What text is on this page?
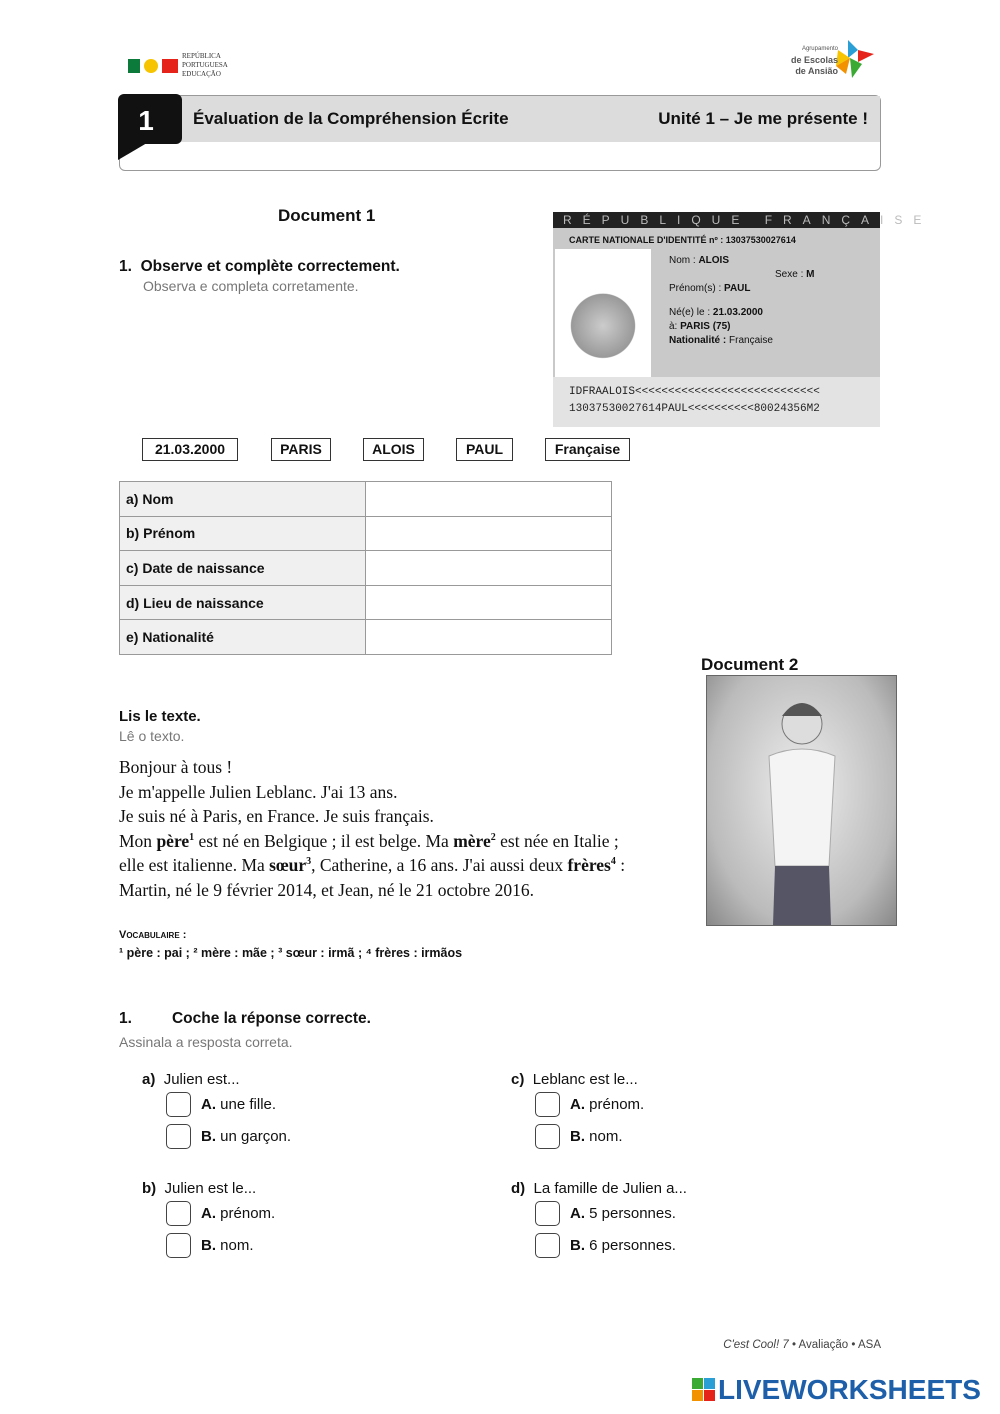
REPÚBLICA
PORTUGUESA
EDUCAÇÃO
Agrupamento
de Escolas
de Ansião
Évaluation de la Compréhension Écrite	Unité 1 – Je me présente !
1
Document 1
1. Observe et complète correctement.
Observa e completa corretamente.
RÉPUBLIQUE FRANÇAISE
CARTE NATIONALE D'IDENTITÉ nº : 13037530027614
Nom : ALOIS
Sexe : M
Prénom(s) : PAUL
Né(e) le : 21.03.2000
à: PARIS (75)
Nationalité : Française
IDFRAALOIS<<<<<<<<<<<<<<<<<<<<<<<<<<<<
13037530027614PAUL<<<<<<<<<<80024356M2
21.03.2000	PARIS	ALOIS	PAUL	Française
a) Nom	
b) Prénom	
c) Date de naissance	
d) Lieu de naissance	
e) Nationalité	
Document 2
Lis le texte.
Lê o texto.
Bonjour à tous !
Je m'appelle Julien Leblanc. J'ai 13 ans.
Je suis né à Paris, en France. Je suis français.
Mon père$^1$ est né en Belgique ; il est belge. Ma mère$^2$ est née en Italie ;
elle est italienne. Ma sœur$^3$, Catherine, a 16 ans. J'ai aussi deux frères$^4$ :
Martin, né le 9 février 2014, et Jean, né le 21 octobre 2016.
Vocabulaire :
¹ père : pai ; ² mère : mãe ; ³ sœur : irmã ; ⁴ frères : irmãos
1.	Coche la réponse correcte.
Assinala a resposta correta.
a) Julien est...
A.
une fille.
B.
un garçon.
b) Julien est le...
A.
prénom.
B.
nom.
c) Leblanc est le...
A.
prénom.
B.
nom.
d) La famille de Julien a...
A.
5 personnes.
B.
6 personnes.
C'est Cool! 7 • Avaliação • ASA
LIVEWORKSHEETS
